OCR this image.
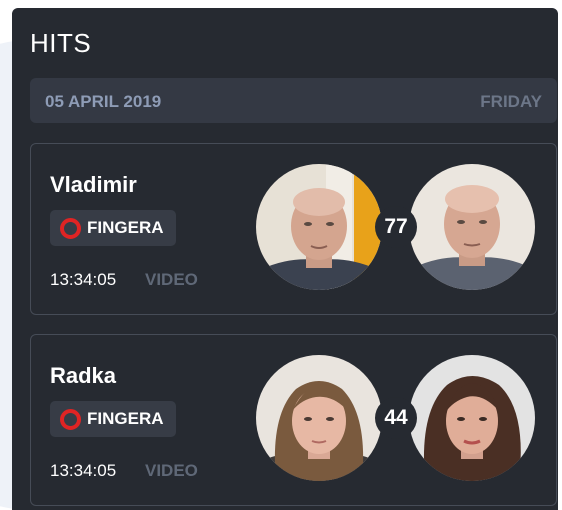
HITS
05 APRIL 2019	FRIDAY
Vladimir
FINGERA
13:34:05 VIDEO
77
Radka
FINGERA
13:34:05 VIDEO
44
